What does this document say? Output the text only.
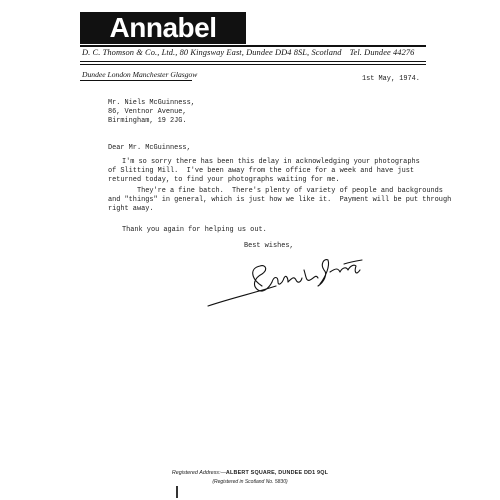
Annabel
D. C. Thomson & Co., Ltd., 80 Kingsway East, Dundee DD4 8SL, Scotland Tel. Dundee 44276
Dundee London Manchester Glasgow	1st May, 1974.
Mr. Niels McGuinness,
86, Ventnor Avenue,
Birmingham, 19 2JG.
Dear Mr. McGuinness,
I'm so sorry there has been this delay in acknowledging your photographs
of Slitting Mill.  I've been away from the office for a week and have just
returned today, to find your photographs waiting for me.
They're a fine batch.  There's plenty of variety of people and backgrounds
and "things" in general, which is just how we like it.  Payment will be put through
right away.
Thank you again for helping us out.
Best wishes,
Registered Address:—ALBERT SQUARE, DUNDEE DD1 9QL
(Registered in Scotland No. 5830)
